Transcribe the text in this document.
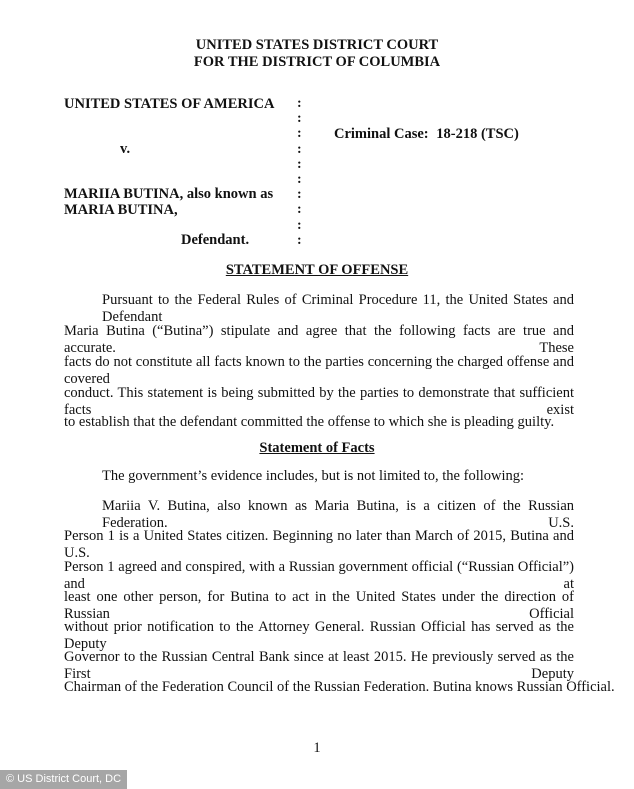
UNITED STATES DISTRICT COURT
FOR THE DISTRICT OF COLUMBIA
UNITED STATES OF AMERICA
v.
MARIIA BUTINA, also known as
MARIA BUTINA,
Defendant.
:
:
:
:
:
:
:
:
:
:
Criminal Case: 18-218 (TSC)
STATEMENT OF OFFENSE
Pursuant to the Federal Rules of Criminal Procedure 11, the United States and Defendant
Maria Butina (“Butina”) stipulate and agree that the following facts are true and accurate. These
facts do not constitute all facts known to the parties concerning the charged offense and covered
conduct. This statement is being submitted by the parties to demonstrate that sufficient facts exist
to establish that the defendant committed the offense to which she is pleading guilty.
Statement of Facts
The government’s evidence includes, but is not limited to, the following:
Mariia V. Butina, also known as Maria Butina, is a citizen of the Russian Federation. U.S.
Person 1 is a United States citizen. Beginning no later than March of 2015, Butina and U.S.
Person 1 agreed and conspired, with a Russian government official (“Russian Official”) and at
least one other person, for Butina to act in the United States under the direction of Russian Official
without prior notification to the Attorney General. Russian Official has served as the Deputy
Governor to the Russian Central Bank since at least 2015. He previously served as the First Deputy
Chairman of the Federation Council of the Russian Federation. Butina knows Russian Official.
1
© US District Court, DC
